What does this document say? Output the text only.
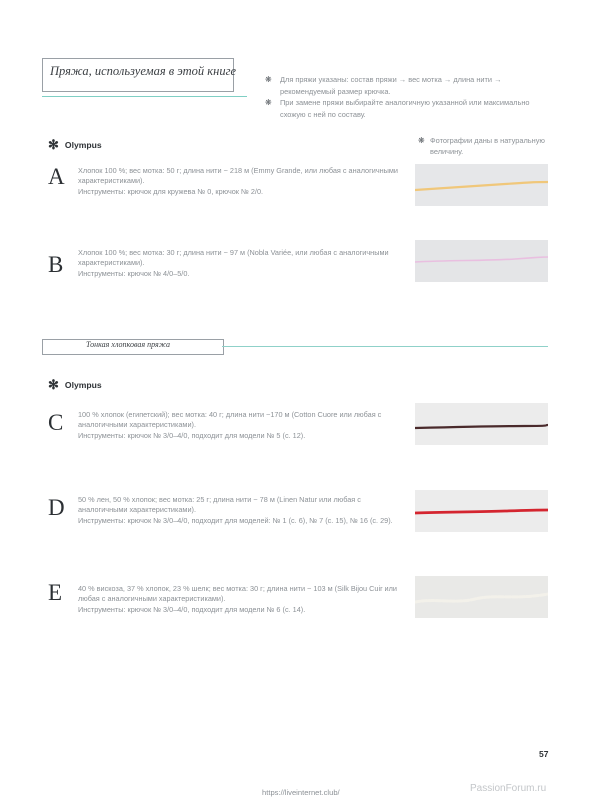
Пряжа, используемая в этой книге
❋	Для пряжи указаны: состав пряжи → вес мотка → длина нити → рекомендуемый размер крючка.
❋	При замене пряжи выбирайте аналогичную указанной или максимально схожую с ней по составу.
✻ Olympus	❋ Фотографии даны в натуральную величину.
A Хлопок 100 %; вес мотка: 50 г; длина нити ~ 218 м (Emmy Grande, или любая с аналогичными характеристиками).
Инструменты: крючок для кружева № 0, крючок № 2/0.
B Хлопок 100 %; вес мотка: 30 г; длина нити ~ 97 м (Nobla Variée, или любая с аналогичными характеристиками).
Инструменты: крючок № 4/0–5/0.
Тонкая хлопковая пряжа
✻ Olympus
C 100 % хлопок (египетский); вес мотка: 40 г; длина нити ~170 м (Cotton Cuore или любая с аналогичными характеристиками).
Инструменты: крючок № 3/0–4/0, подходит для модели № 5 (с. 12).
D 50 % лен, 50 % хлопок; вес мотка: 25 г; длина нити ~ 78 м (Linen Natur или любая с аналогичными характеристиками).
Инструменты: крючок № 3/0–4/0, подходит для моделей: № 1 (с. 6), № 7 (с. 15), № 16 (с. 29).
E 40 % вискоза, 37 % хлопок, 23 % шелк; вес мотка: 30 г; длина нити ~ 103 м (Silk Bijou Cuir или любая с аналогичными характеристиками).
Инструменты: крючок № 3/0–4/0, подходит для модели № 6 (с. 14).
57
https://liveinternet.club/	PassionForum.ru
